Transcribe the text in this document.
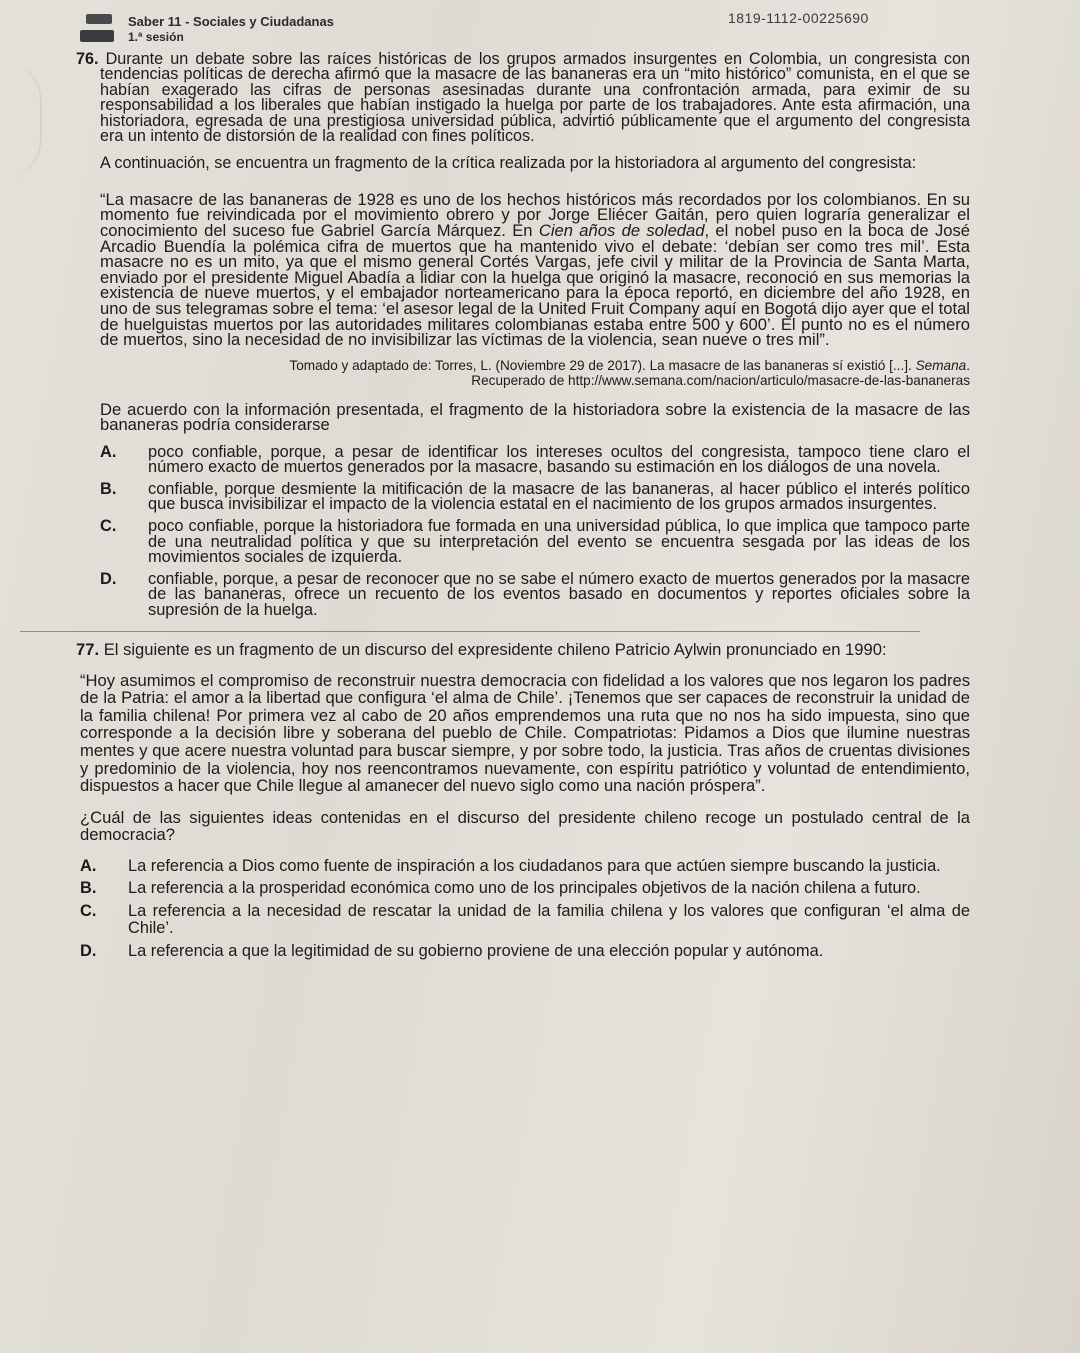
Saber 11 - Sociales y Ciudadanas
1.ª sesión
1819-1112-00225690

76. Durante un debate sobre las raíces históricas de los grupos armados insurgentes en Colombia, un congresista con tendencias políticas de derecha afirmó que la masacre de las bananeras era un “mito histórico” comunista, en el que se habían exagerado las cifras de personas asesinadas durante una confrontación armada, para eximir de su responsabilidad a los liberales que habían instigado la huelga por parte de los trabajadores. Ante esta afirmación, una historiadora, egresada de una prestigiosa universidad pública, advirtió públicamente que el argumento del congresista era un intento de distorsión de la realidad con fines políticos.

A continuación, se encuentra un fragmento de la crítica realizada por la historiadora al argumento del congresista:

“La masacre de las bananeras de 1928 es uno de los hechos históricos más recordados por los colombianos. En su momento fue reivindicada por el movimiento obrero y por Jorge Eliécer Gaitán, pero quien lograría generalizar el conocimiento del suceso fue Gabriel García Márquez. En Cien años de soledad, el nobel puso en la boca de José Arcadio Buendía la polémica cifra de muertos que ha mantenido vivo el debate: ‘debían ser como tres mil’. Esta masacre no es un mito, ya que el mismo general Cortés Vargas, jefe civil y militar de la Provincia de Santa Marta, enviado por el presidente Miguel Abadía a lidiar con la huelga que originó la masacre, reconoció en sus memorias la existencia de nueve muertos, y el embajador norteamericano para la época reportó, en diciembre del año 1928, en uno de sus telegramas sobre el tema: ‘el asesor legal de la United Fruit Company aquí en Bogotá dijo ayer que el total de huelguistas muertos por las autoridades militares colombianas estaba entre 500 y 600’. El punto no es el número de muertos, sino la necesidad de no invisibilizar las víctimas de la violencia, sean nueve o tres mil”.

Tomado y adaptado de: Torres, L. (Noviembre 29 de 2017). La masacre de las bananeras sí existió [...]. Semana.
Recuperado de http://www.semana.com/nacion/articulo/masacre-de-las-bananeras

De acuerdo con la información presentada, el fragmento de la historiadora sobre la existencia de la masacre de las bananeras podría considerarse

A. poco confiable, porque, a pesar de identificar los intereses ocultos del congresista, tampoco tiene claro el número exacto de muertos generados por la masacre, basando su estimación en los diálogos de una novela.
B. confiable, porque desmiente la mitificación de la masacre de las bananeras, al hacer público el interés político que busca invisibilizar el impacto de la violencia estatal en el nacimiento de los grupos armados insurgentes.
C. poco confiable, porque la historiadora fue formada en una universidad pública, lo que implica que tampoco parte de una neutralidad política y que su interpretación del evento se encuentra sesgada por las ideas de los movimientos sociales de izquierda.
D. confiable, porque, a pesar de reconocer que no se sabe el número exacto de muertos generados por la masacre de las bananeras, ofrece un recuento de los eventos basado en documentos y reportes oficiales sobre la supresión de la huelga.

77. El siguiente es un fragmento de un discurso del expresidente chileno Patricio Aylwin pronunciado en 1990:

“Hoy asumimos el compromiso de reconstruir nuestra democracia con fidelidad a los valores que nos legaron los padres de la Patria: el amor a la libertad que configura ‘el alma de Chile’. ¡Tenemos que ser capaces de reconstruir la unidad de la familia chilena! Por primera vez al cabo de 20 años emprendemos una ruta que no nos ha sido impuesta, sino que corresponde a la decisión libre y soberana del pueblo de Chile. Compatriotas: Pidamos a Dios que ilumine nuestras mentes y que acere nuestra voluntad para buscar siempre, y por sobre todo, la justicia. Tras años de cruentas divisiones y predominio de la violencia, hoy nos reencontramos nuevamente, con espíritu patriótico y voluntad de entendimiento, dispuestos a hacer que Chile llegue al amanecer del nuevo siglo como una nación próspera”.

¿Cuál de las siguientes ideas contenidas en el discurso del presidente chileno recoge un postulado central de la democracia?

A. La referencia a Dios como fuente de inspiración a los ciudadanos para que actúen siempre buscando la justicia.
B. La referencia a la prosperidad económica como uno de los principales objetivos de la nación chilena a futuro.
C. La referencia a la necesidad de rescatar la unidad de la familia chilena y los valores que configuran ‘el alma de Chile’.
D. La referencia a que la legitimidad de su gobierno proviene de una elección popular y autónoma.
